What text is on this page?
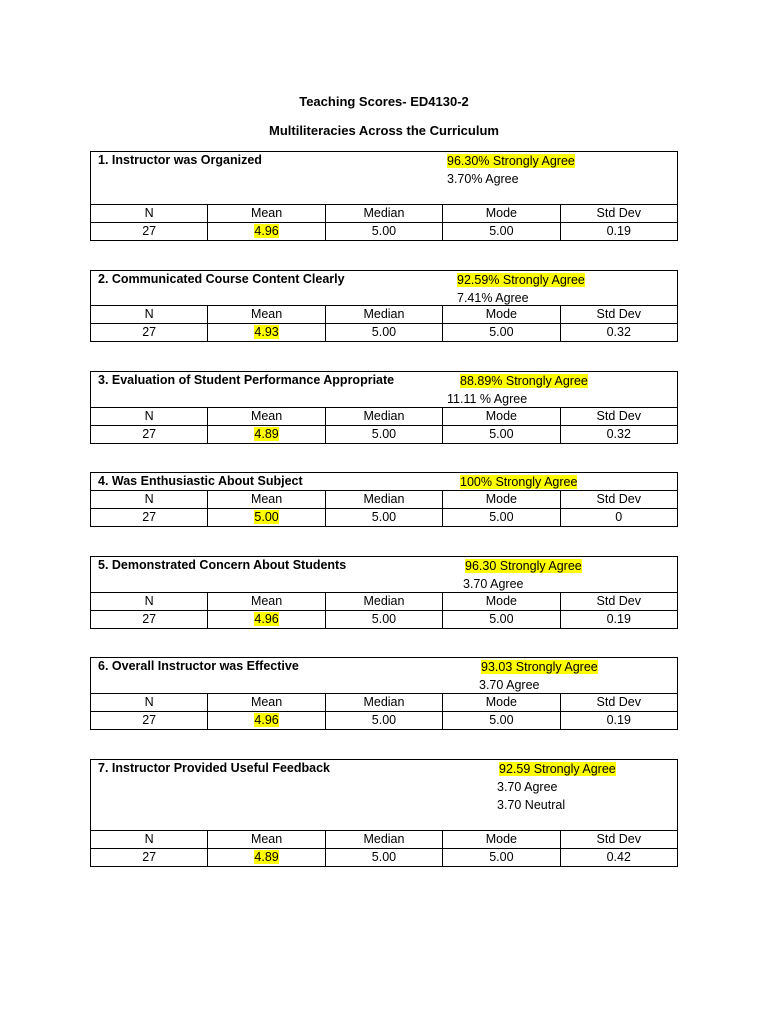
Teaching Scores- ED4130-2
Multiliteracies Across the Curriculum
1. Instructor was Organized	96.30% Strongly Agree
3.70% Agree
N	Mean	Median	Mode	Std Dev
27	4.96	5.00	5.00	0.19
2. Communicated Course Content Clearly	92.59% Strongly Agree
7.41% Agree
N	Mean	Median	Mode	Std Dev
27	4.93	5.00	5.00	0.32
3. Evaluation of Student Performance Appropriate	88.89% Strongly Agree
11.11 % Agree
N	Mean	Median	Mode	Std Dev
27	4.89	5.00	5.00	0.32
4. Was Enthusiastic About Subject	100% Strongly Agree
N	Mean	Median	Mode	Std Dev
27	5.00	5.00	5.00	0
5. Demonstrated Concern About Students	96.30 Strongly Agree
3.70 Agree
N	Mean	Median	Mode	Std Dev
27	4.96	5.00	5.00	0.19
6. Overall Instructor was Effective	93.03 Strongly Agree
3.70 Agree
N	Mean	Median	Mode	Std Dev
27	4.96	5.00	5.00	0.19
7. Instructor Provided Useful Feedback	92.59 Strongly Agree
3.70 Agree
3.70 Neutral
N	Mean	Median	Mode	Std Dev
27	4.89	5.00	5.00	0.42
